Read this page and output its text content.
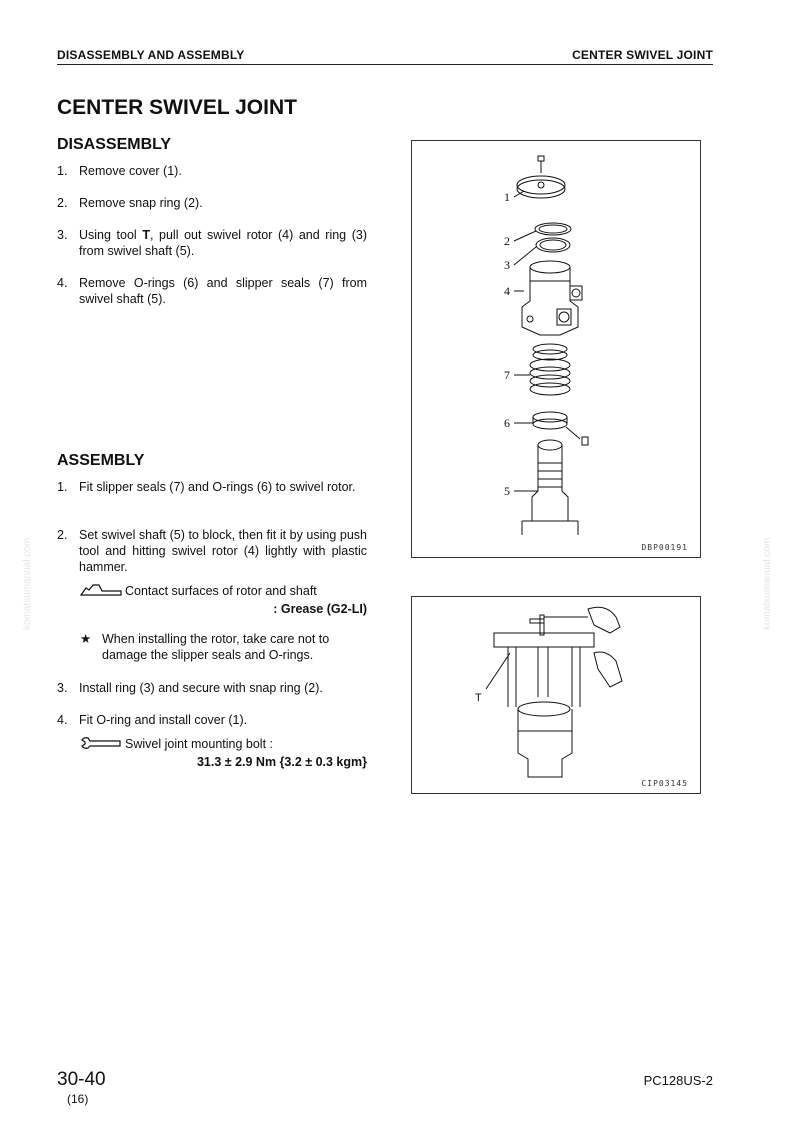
DISASSEMBLY AND ASSEMBLY	CENTER SWIVEL JOINT
CENTER SWIVEL JOINT
DISASSEMBLY
1. Remove cover (1).
2. Remove snap ring (2).
3. Using tool T, pull out swivel rotor (4) and ring (3) from swivel shaft (5).
4. Remove O-rings (6) and slipper seals (7) from swivel shaft (5).
ASSEMBLY
1. Fit slipper seals (7) and O-rings (6) to swivel rotor.
2. Set swivel shaft (5) to block, then fit it by using push tool and hitting swivel rotor (4) lightly with plastic hammer.
Contact surfaces of rotor and shaft
: Grease (G2-LI)
★ When installing the rotor, take care not to damage the slipper seals and O-rings.
3. Install ring (3) and secure with snap ring (2).
4. Fit O-ring and install cover (1).
Swivel joint mounting bolt :
31.3 ± 2.9 Nm {3.2 ± 0.3 kgm}
1
2
3
4
7
6
5
DBP00191
T
CIP03145
komatsumanual.com	komatsumanual.com
30-40
(16)
PC128US-2
